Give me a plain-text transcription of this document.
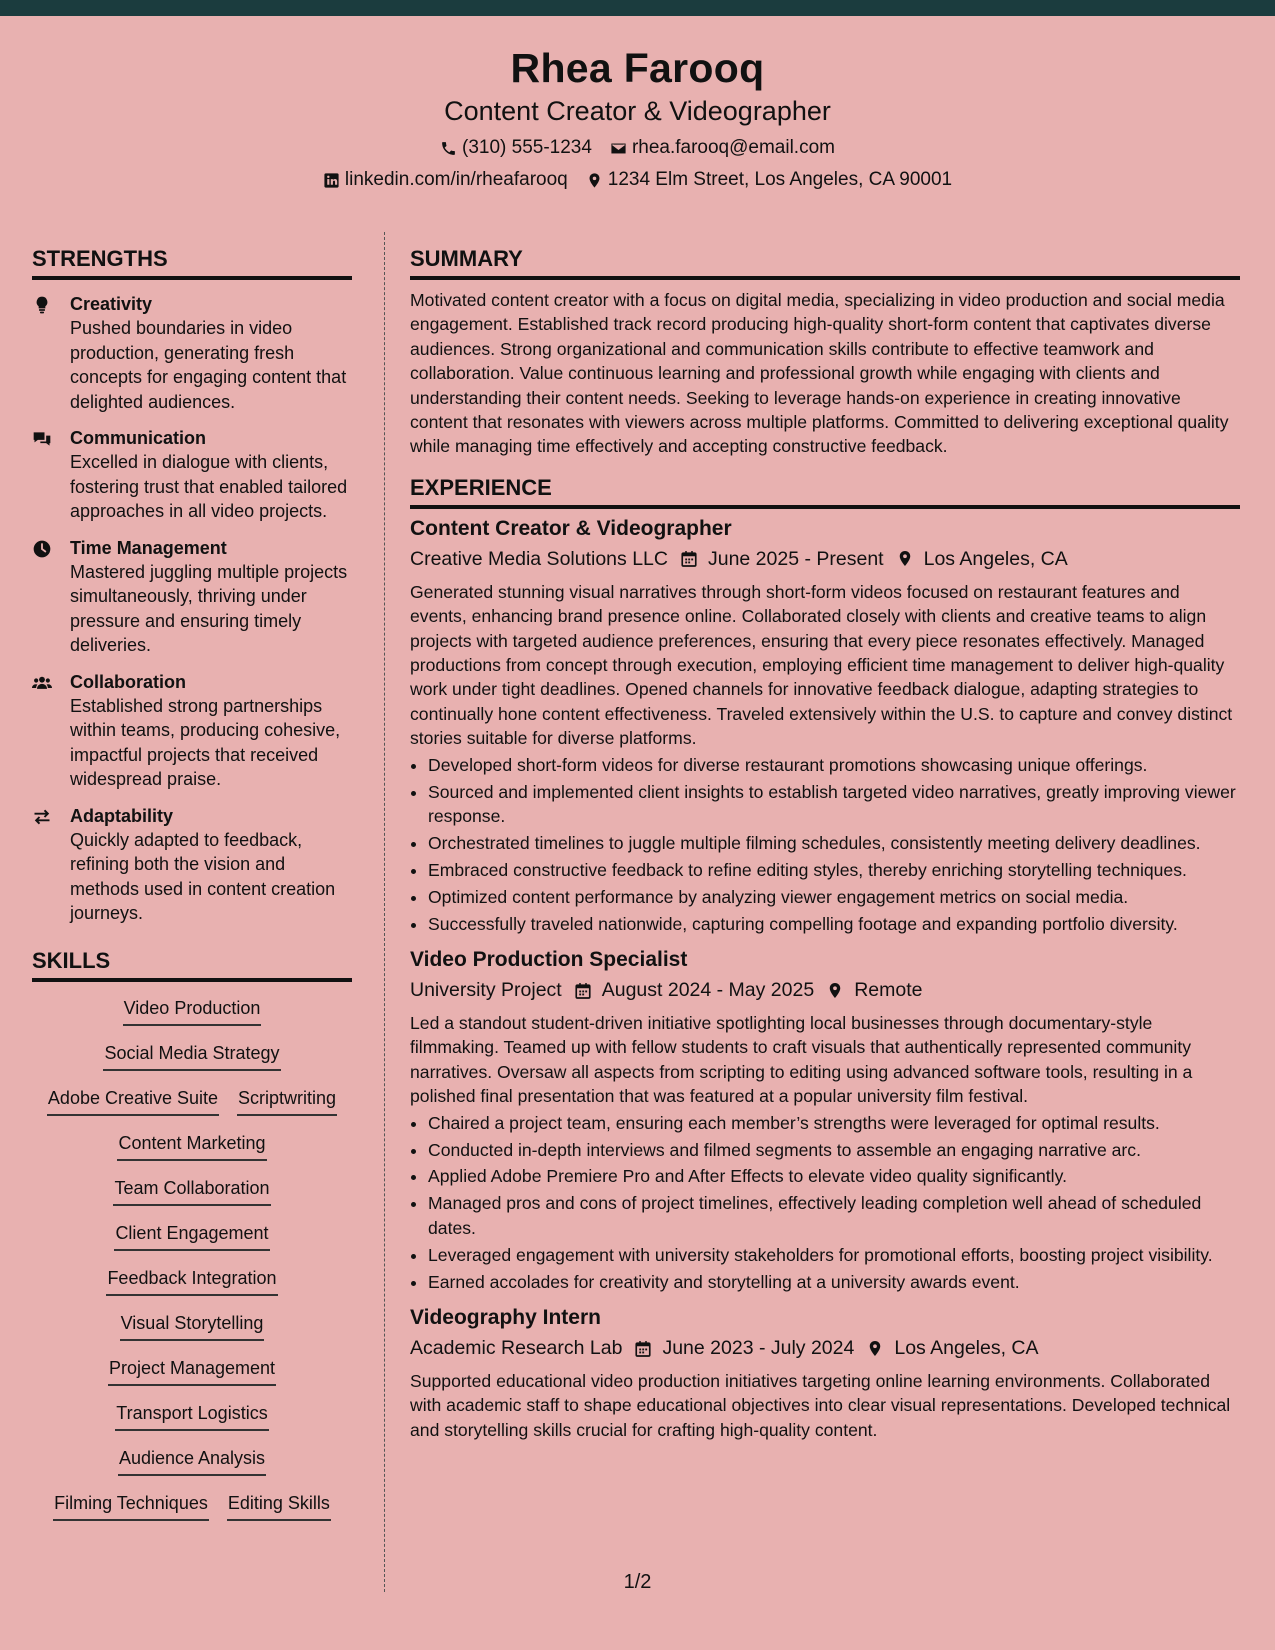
Rhea Farooq
Content Creator & Videographer
(310) 555-1234 rhea.farooq@email.com
linkedin.com/in/rheafarooq 1234 Elm Street, Los Angeles, CA 90001
STRENGTHS
Creativity
Pushed boundaries in video production, generating fresh concepts for engaging content that delighted audiences.
Communication
Excelled in dialogue with clients, fostering trust that enabled tailored approaches in all video projects.
Time Management
Mastered juggling multiple projects simultaneously, thriving under pressure and ensuring timely deliveries.
Collaboration
Established strong partnerships within teams, producing cohesive, impactful projects that received widespread praise.
Adaptability
Quickly adapted to feedback, refining both the vision and methods used in content creation journeys.
SKILLS
Video Production
Social Media Strategy
Adobe Creative Suite Scriptwriting
Content Marketing
Team Collaboration
Client Engagement
Feedback Integration
Visual Storytelling
Project Management
Transport Logistics
Audience Analysis
Filming Techniques Editing Skills
SUMMARY

Motivated content creator with a focus on digital media, specializing in video production and social media engagement. Established track record producing high-quality short-form content that captivates diverse audiences. Strong organizational and communication skills contribute to effective teamwork and collaboration. Value continuous learning and professional growth while engaging with clients and understanding their content needs. Seeking to leverage hands-on experience in creating innovative content that resonates with viewers across multiple platforms. Committed to delivering exceptional quality while managing time effectively and accepting constructive feedback.

EXPERIENCE
Content Creator & Videographer
Creative Media Solutions LLC June 2025 - Present Los Angeles, CA

Generated stunning visual narratives through short-form videos focused on restaurant features and events, enhancing brand presence online. Collaborated closely with clients and creative teams to align projects with targeted audience preferences, ensuring that every piece resonates effectively. Managed productions from concept through execution, employing efficient time management to deliver high-quality work under tight deadlines. Opened channels for innovative feedback dialogue, adapting strategies to continually hone content effectiveness. Traveled extensively within the U.S. to capture and convey distinct stories suitable for diverse platforms.

• Developed short-form videos for diverse restaurant promotions showcasing unique offerings.
• Sourced and implemented client insights to establish targeted video narratives, greatly improving viewer response.
• Orchestrated timelines to juggle multiple filming schedules, consistently meeting delivery deadlines.
• Embraced constructive feedback to refine editing styles, thereby enriching storytelling techniques.
• Optimized content performance by analyzing viewer engagement metrics on social media.
• Successfully traveled nationwide, capturing compelling footage and expanding portfolio diversity.
Video Production Specialist
University Project August 2024 - May 2025 Remote

Led a standout student-driven initiative spotlighting local businesses through documentary-style filmmaking. Teamed up with fellow students to craft visuals that authentically represented community narratives. Oversaw all aspects from scripting to editing using advanced software tools, resulting in a polished final presentation that was featured at a popular university film festival.

• Chaired a project team, ensuring each member’s strengths were leveraged for optimal results.
• Conducted in-depth interviews and filmed segments to assemble an engaging narrative arc.
• Applied Adobe Premiere Pro and After Effects to elevate video quality significantly.
• Managed pros and cons of project timelines, effectively leading completion well ahead of scheduled dates.
• Leveraged engagement with university stakeholders for promotional efforts, boosting project visibility.
• Earned accolades for creativity and storytelling at a university awards event.
Videography Intern
Academic Research Lab June 2023 - July 2024 Los Angeles, CA

Supported educational video production initiatives targeting online learning environments. Collaborated with academic staff to shape educational objectives into clear visual representations. Developed technical and storytelling skills crucial for crafting high-quality content.

1/2
